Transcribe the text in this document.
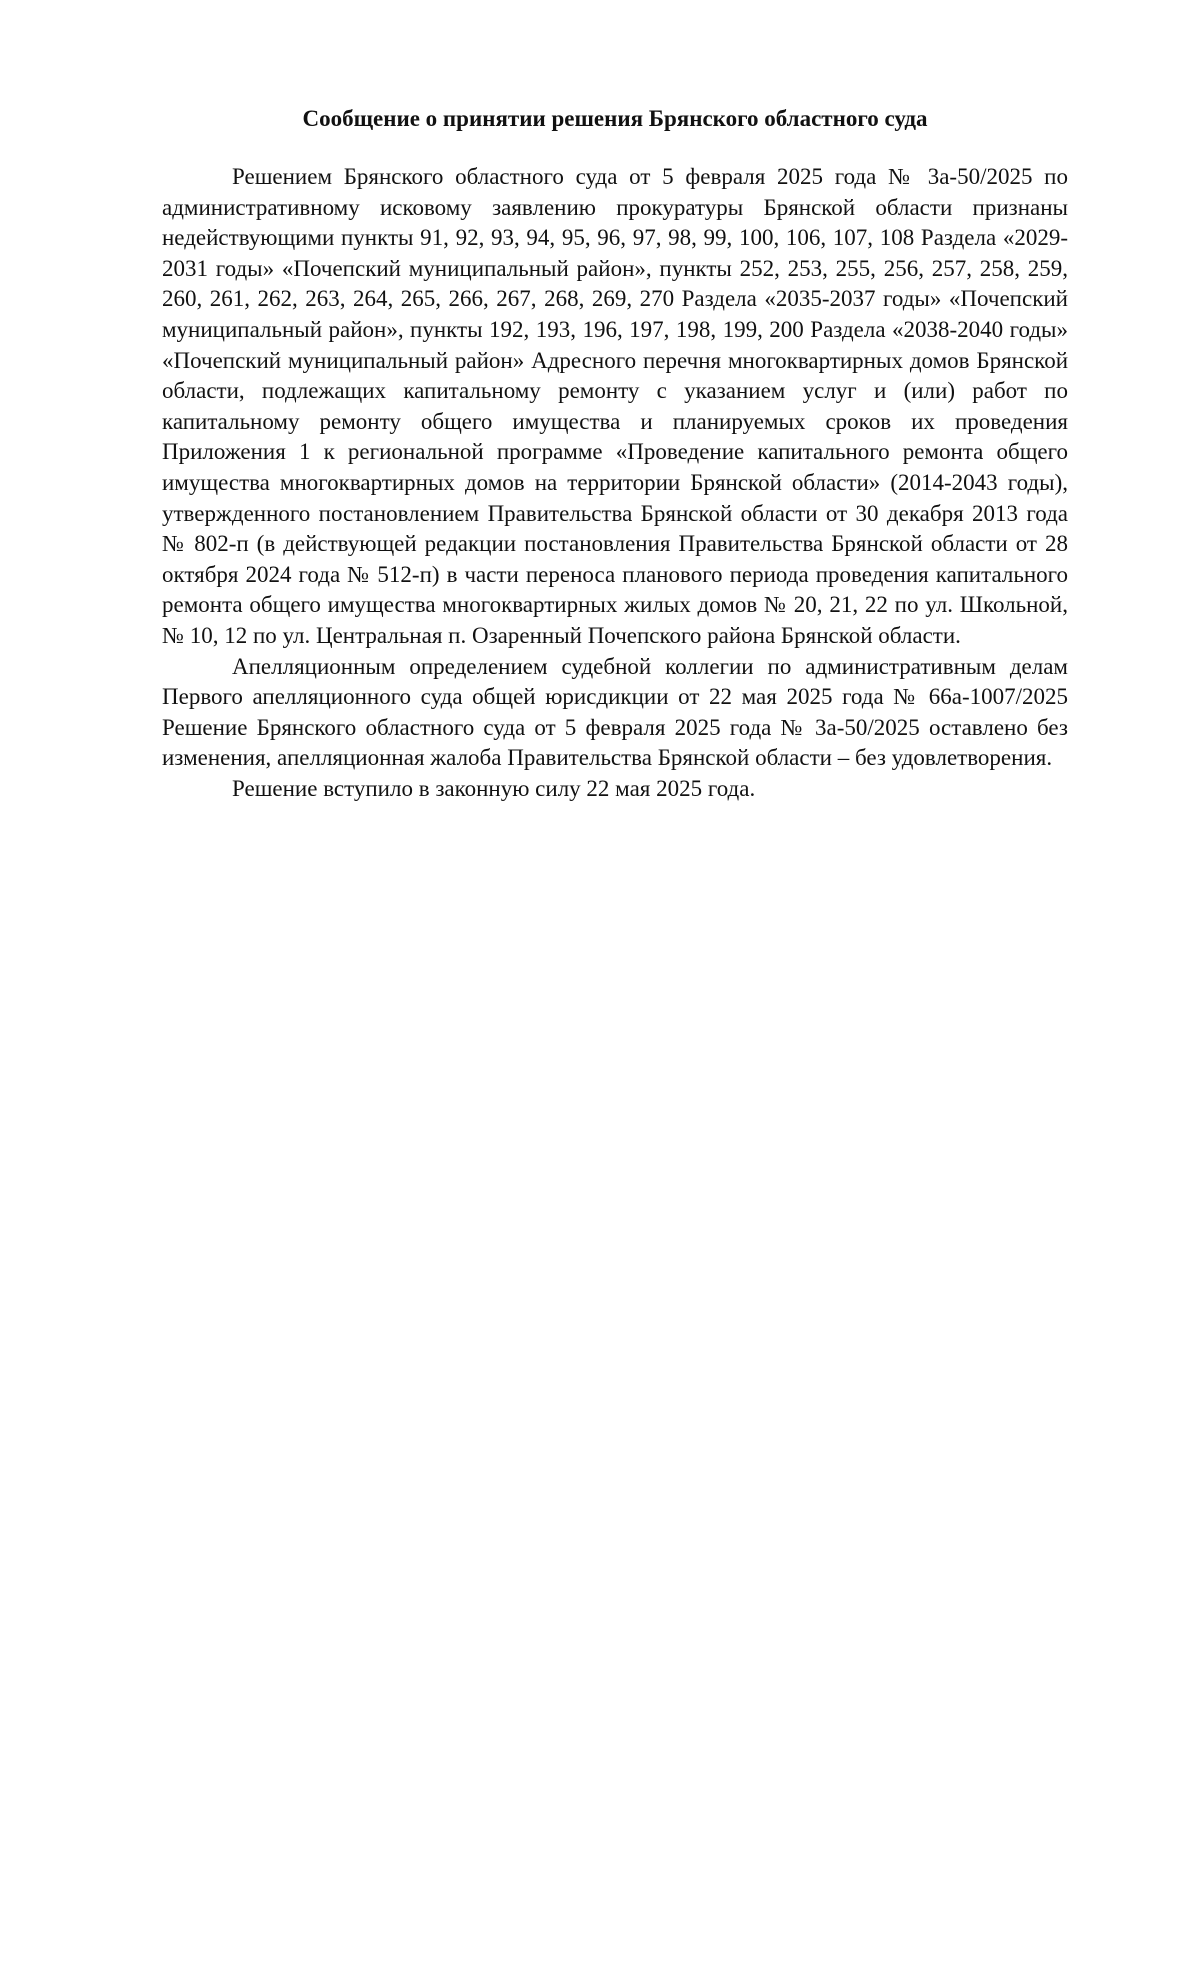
Сообщение о принятии решения Брянского областного суда

Решением Брянского областного суда от 5 февраля 2025 года № 3а-50/2025 по административному исковому заявлению прокуратуры Брянской области признаны недействующими пункты 91, 92, 93, 94, 95, 96, 97, 98, 99, 100, 106, 107, 108 Раздела «2029-2031 годы» «Почепский муниципальный район», пункты 252, 253, 255, 256, 257, 258, 259, 260, 261, 262, 263, 264, 265, 266, 267, 268, 269, 270 Раздела «2035-2037 годы» «Почепский муниципальный район», пункты 192, 193, 196, 197, 198, 199, 200 Раздела «2038-2040 годы» «Почепский муниципальный район» Адресного перечня многоквартирных домов Брянской области, подлежащих капитальному ремонту с указанием услуг и (или) работ по капитальному ремонту общего имущества и планируемых сроков их проведения Приложения 1 к региональной программе «Проведение капитального ремонта общего имущества многоквартирных домов на территории Брянской области» (2014-2043 годы), утвержденного постановлением Правительства Брянской области от 30 декабря 2013 года № 802-п (в действующей редакции постановления Правительства Брянской области от 28 октября 2024 года № 512-п) в части переноса планового периода проведения капитального ремонта общего имущества многоквартирных жилых домов № 20, 21, 22 по ул. Школьной, № 10, 12 по ул. Центральная п. Озаренный Почепского района Брянской области.

Апелляционным определением судебной коллегии по административным делам Первого апелляционного суда общей юрисдикции от 22 мая 2025 года № 66а-1007/2025 Решение Брянского областного суда от 5 февраля 2025 года № 3а-50/2025 оставлено без изменения, апелляционная жалоба Правительства Брянской области – без удовлетворения.

Решение вступило в законную силу 22 мая 2025 года.
